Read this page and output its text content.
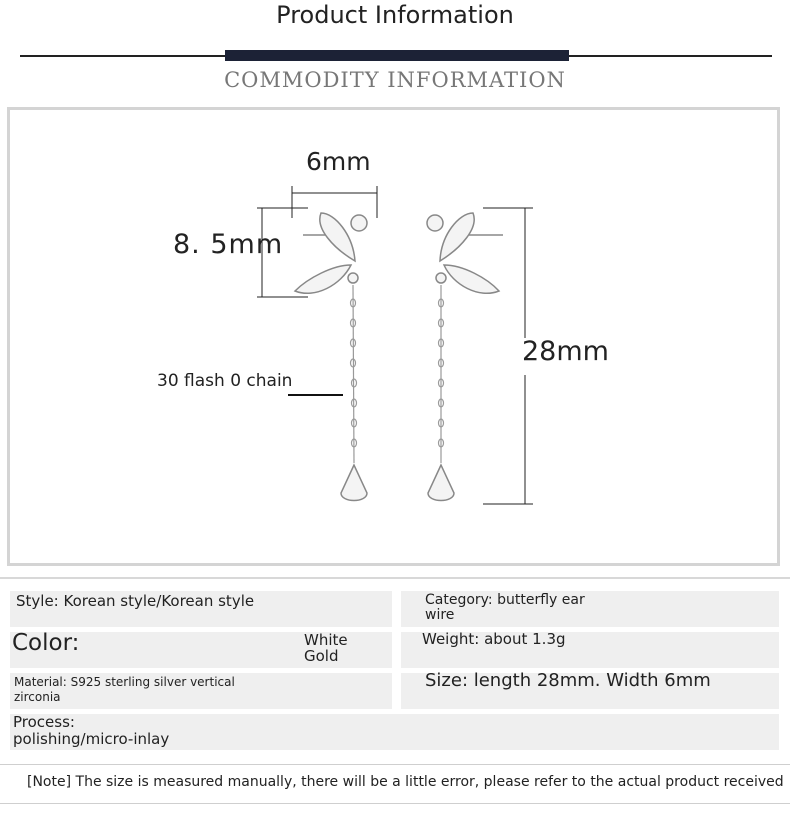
Product Information
COMMODITY INFORMATION
6mm
8. 5mm
28mm
30 flash 0 chain
Style: Korean style/Korean style	Category: butterfly ear
wire
Color:	White
Gold
Weight: about 1.3g
Material: S925 sterling silver vertical
zirconia
Size: length 28mm. Width 6mm
Process:
polishing/micro-inlay
[Note] The size is measured manually, there will be a little error, please refer to the actual product received
